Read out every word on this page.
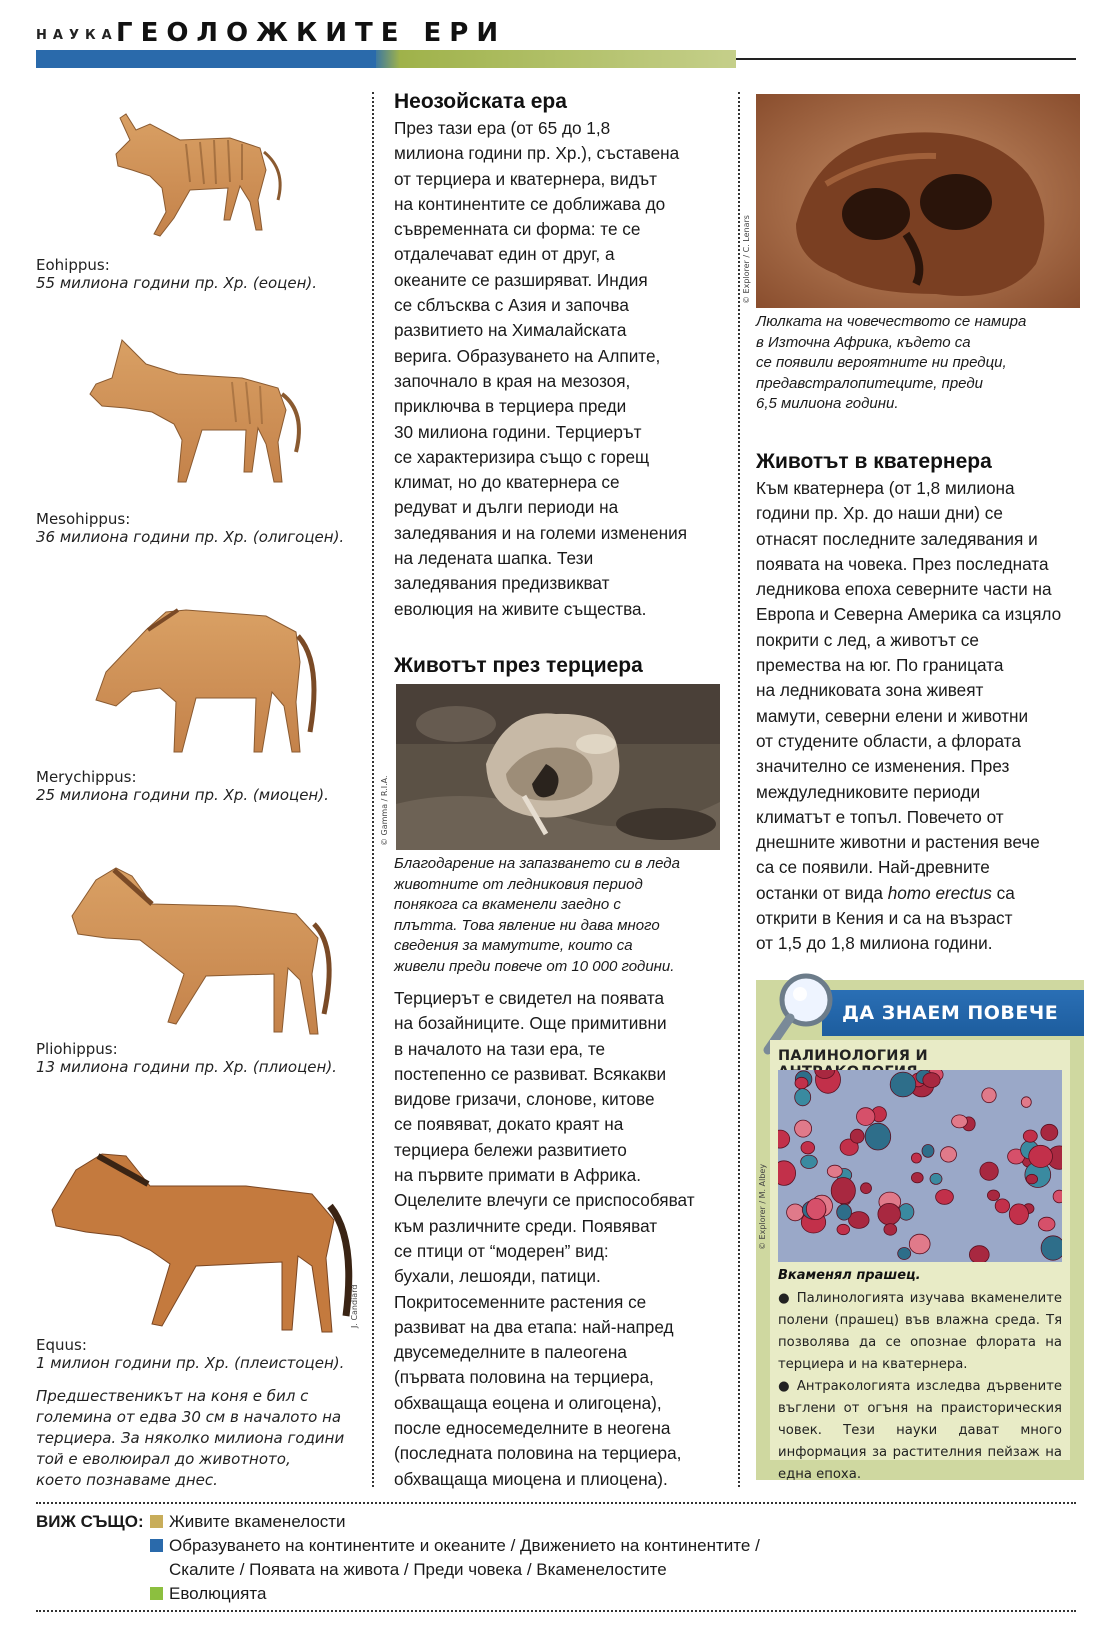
НАУКА
ГЕОЛОЖКИТЕ ЕРИ
Eohippus:
55 милиона години пр. Хр. (еоцен).
Mesohippus:
36 милиона години пр. Хр. (олигоцен).
Merychippus:
25 милиона години пр. Хр. (миоцен).
Pliohippus:
13 милиона години пр. Хр. (плиоцен).
Equus:
1 милион години пр. Хр. (плеистоцен).
J. Candiard
Предшественикът на коня е бил с
големина от едва 30 см в началото на
терциера. За няколко милиона години
той е еволюирал до животното,
което познаваме днес.
Неозойската ера
През тази ера (от 65 до 1,8
милиона години пр. Хр.), съставена
от терциера и кватернера, видът
на континентите се доближава до
съвременната си форма: те се
отдалечават един от друг, а
океаните се разширяват. Индия
се сблъсква с Азия и започва
развитието на Хималайската
верига. Образуването на Алпите,
започнало в края на мезозоя,
приключва в терциера преди
30 милиона години. Терциерът
се характеризира също с горещ
климат, но до кватернера се
редуват и дълги периоди на
заледявания и на големи изменения
на ледената шапка. Тези
заледявания предизвикват
еволюция на живите същества.
Животът през терциера
© Gamma / R.I.A.
Благодарение на запазването си в леда
животните от ледниковия период
понякога са вкаменели заедно с
плътта. Това явление ни дава много
сведения за мамутите, които са
живели преди повече от 10 000 години.
Терциерът е свидетел на появата
на бозайниците. Още примитивни
в началото на тази ера, те
постепенно се развиват. Всякакви
видове гризачи, слонове, китове
се появяват, докато краят на
терциера бележи развитието
на първите примати в Африка.
Оцелелите влечуги се приспособяват
към различните среди. Появяват
се птици от “модерен” вид:
бухали, лешояди, патици.
Покритосеменните растения се
развиват на два етапа: най-напред
двусемеделните в палеогена
(първата половина на терциера,
обхващаща еоцена и олигоцена),
после едносемеделните в неогена
(последната половина на терциера,
обхващаща миоцена и плиоцена).
© Explorer / C. Lenars
Люлката на човечеството се намира
в Източна Африка, където са
се появили вероятните ни предци,
предавстралопитеците, преди
6,5 милиона години.
Животът в кватернера
Към кватернера (от 1,8 милиона
години пр. Хр. до наши дни) се
отнасят последните заледявания и
появата на човека. През последната
ледникова епоха северните части на
Европа и Северна Америка са изцяло
покрити с лед, а животът се
премества на юг. По границата
на ледниковата зона живеят
мамути, северни елени и животни
от студените области, а флората
значително се изменения. През
междуледниковите периоди
климатът е топъл. Повечето от
днешните животни и растения вече
са се появили. Най-древните
останки от вида homo erectus са
открити в Кения и са на възраст
от 1,5 до 1,8 милиона години.
ДА ЗНАЕМ ПОВЕЧЕ
ПАЛИНОЛОГИЯ И
© Explorer / M. Albey
Вкаменял прашец.
● Палинологията изучава вкаменелите полени (прашец) във влажна среда. Тя позволява да се опознае флората на терциера и на кватернера.
● Антракологията изследва дървените въглени от огъня на праисторическия човек. Тези науки дават много информация за растителния пейзаж на една епоха.
ВИЖ СЪЩО:	Живите вкаменелости
Образуването на континентите и океаните / Движението на континентите /
Скалите / Появата на живота / Преди човека / Вкаменелостите
Еволюцията
